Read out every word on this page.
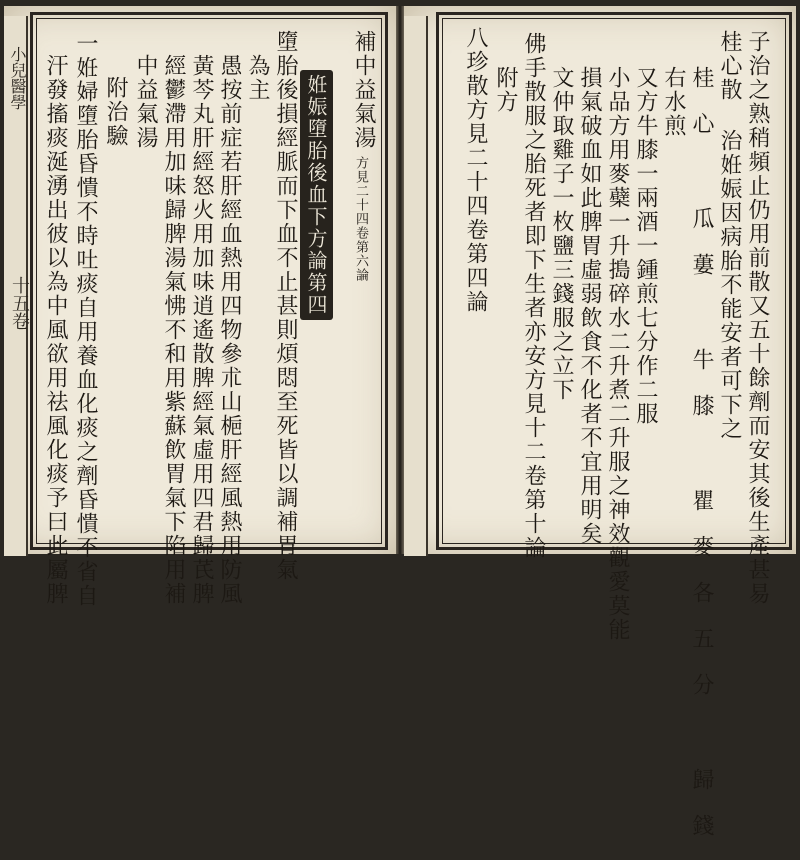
小兒醫學
十五卷
補中益氣湯
方見二十四卷第六論
姙娠墮胎後血下方論第四
墮胎後損經脈而下血不止甚則煩悶至死皆以調補胃氣
為主
愚按前症若肝經血熱用四物參朮山梔肝經風熱用防風
黃芩丸肝經怒火用加味逍遙散脾經氣虛用四君歸芪脾
經鬱滯用加味歸脾湯氣怫不和用紫蘇飲胃氣下陷用補
中益氣湯
附治驗
一姙婦墮胎昏憒不時吐痰自用養血化痰之劑昏憒不省自
汗發搐痰涎湧出彼以為中風欲用祛風化痰予曰此屬脾	子治之熟稍頻止仍用前散又五十餘劑而安其後生產甚易
桂心散 治姙娠因病胎不能安者可下之
桂心 瓜蔞 牛膝 瞿麥各五分 歸錢
右水煎
又方牛膝一兩酒一鍾煎七分作二服
小品方用麥蘗一升搗碎水二升煮二升服之神效觀愛莫能
損氣破血如此脾胃虛弱飲食不化者不宜用明矣
文仲取雞子一枚鹽三錢服之立下
佛手散服之胎死者即下生者亦安方見十二卷第十論
附方
八珍散方見二十四卷第四論
